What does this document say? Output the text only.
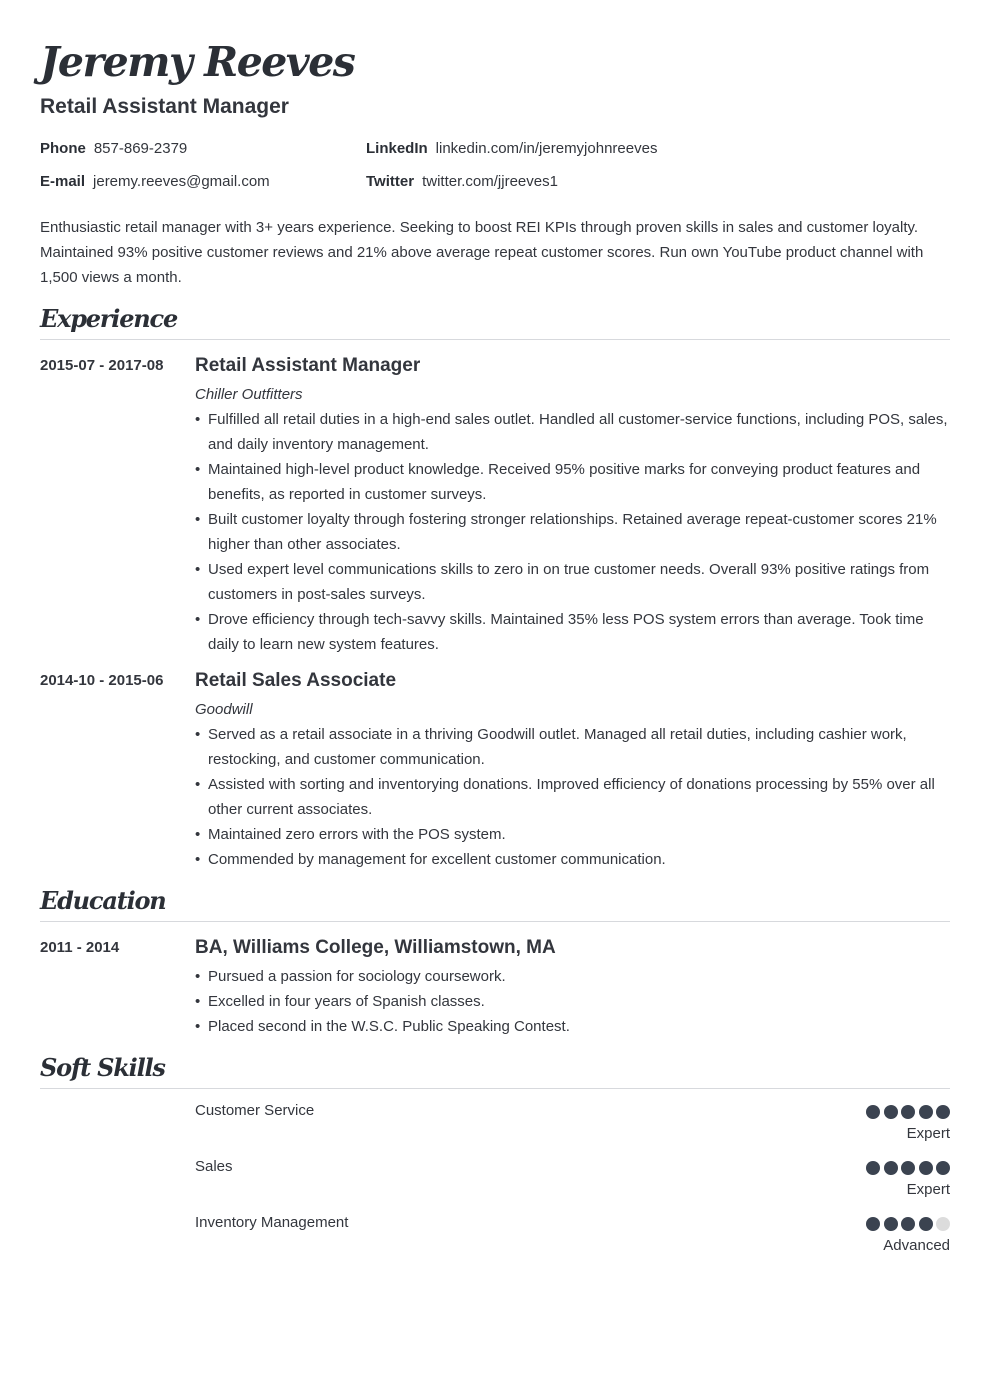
Jeremy Reeves
Retail Assistant Manager
Phone 857-869-2379	LinkedIn linkedin.com/in/jeremyjohnreeves
E-mail jeremy.reeves@gmail.com	Twitter twitter.com/jjreeves1
Enthusiastic retail manager with 3+ years experience. Seeking to boost REI KPIs through proven skills in sales and customer loyalty. Maintained 93% positive customer reviews and 21% above average repeat customer scores. Run own YouTube product channel with 1,500 views a month.
Experience
2015-07 - 2017-08 Retail Assistant Manager
Chiller Outfitters
• Fulfilled all retail duties in a high-end sales outlet. Handled all customer-service functions, including POS, sales, and daily inventory management.
• Maintained high-level product knowledge. Received 95% positive marks for conveying product features and benefits, as reported in customer surveys.
• Built customer loyalty through fostering stronger relationships. Retained average repeat-customer scores 21% higher than other associates.
• Used expert level communications skills to zero in on true customer needs. Overall 93% positive ratings from customers in post-sales surveys.
• Drove efficiency through tech-savvy skills. Maintained 35% less POS system errors than average. Took time daily to learn new system features.
2014-10 - 2015-06 Retail Sales Associate
Goodwill
• Served as a retail associate in a thriving Goodwill outlet. Managed all retail duties, including cashier work, restocking, and customer communication.
• Assisted with sorting and inventorying donations. Improved efficiency of donations processing by 55% over all other current associates.
• Maintained zero errors with the POS system.
• Commended by management for excellent customer communication.
Education
2011 - 2014	BA, Williams College, Williamstown, MA
• Pursued a passion for sociology coursework.
• Excelled in four years of Spanish classes.
• Placed second in the W.S.C. Public Speaking Contest.
Soft Skills
Customer Service
Expert
Sales
Expert
Inventory Management
Advanced
